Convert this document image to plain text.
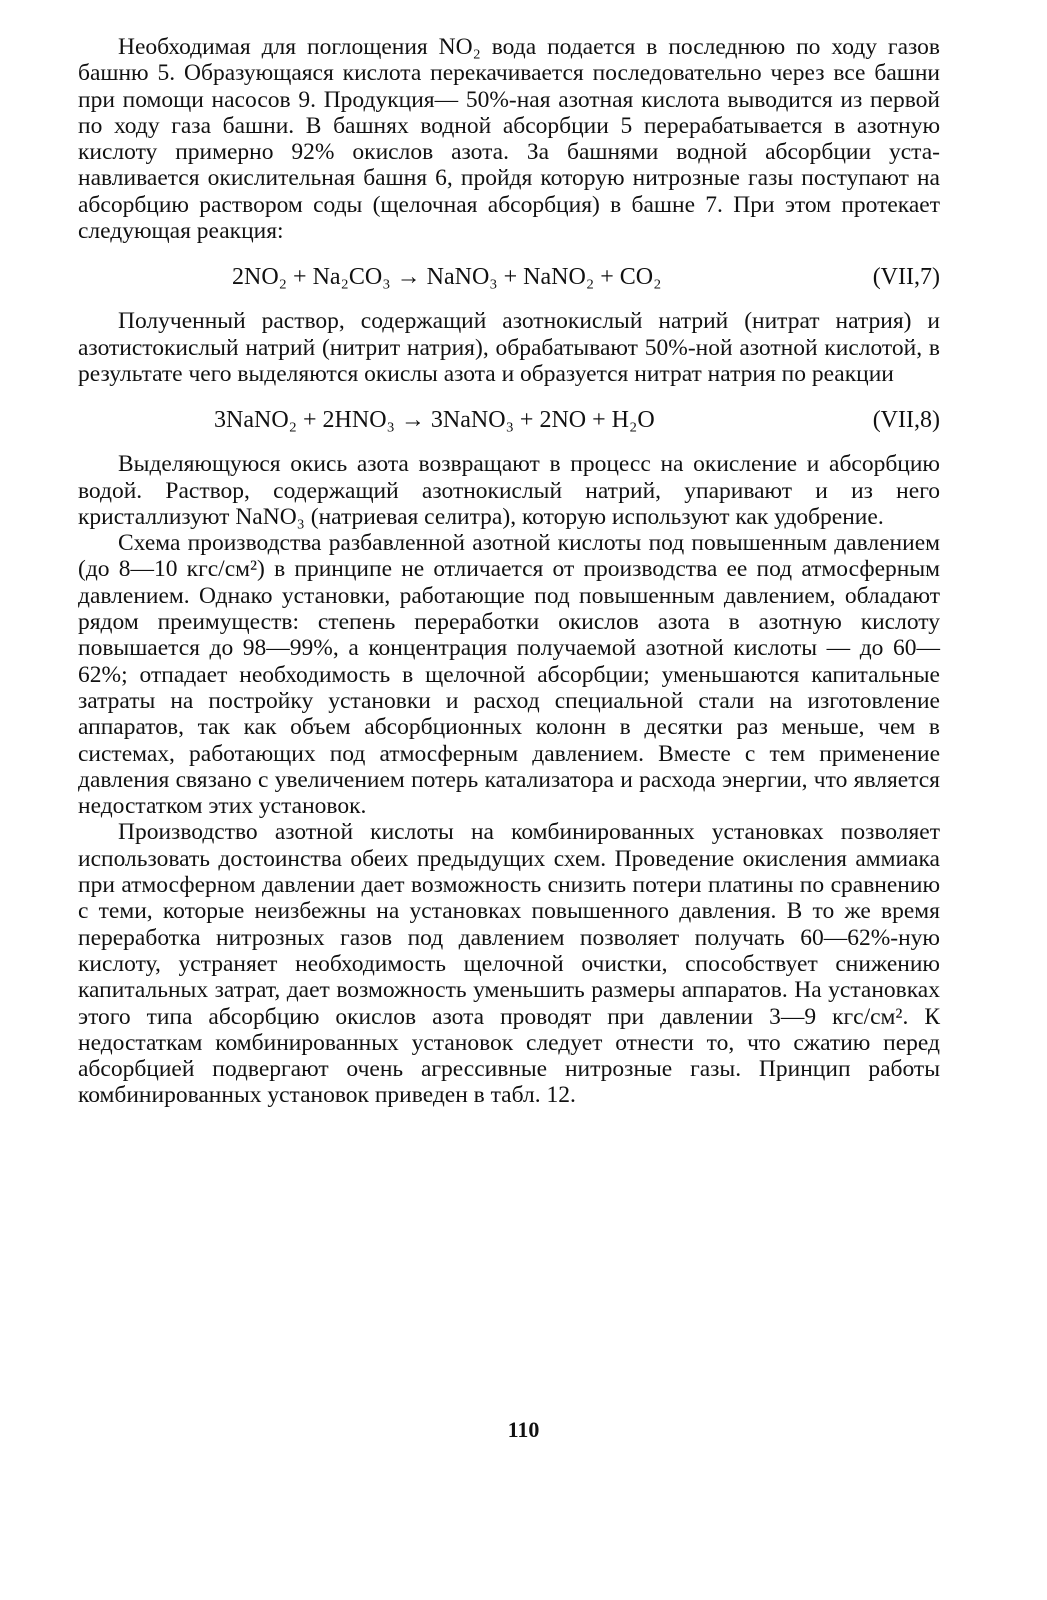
Необходимая для поглощения NO₂ вода подается в последнюю по ходу газов башню 5. Образующаяся кислота перекачивается последовательно через все башни при помощи насосов 9. Продукция— 50%-ная азотная кислота выводится из первой по ходу газа башни. В башнях водной абсорбции 5 перерабатывается в азотную кислоту примерно 92% окислов азота. За башнями водной абсорбции устанавливается окислительная башня 6, пройдя которую нитрозные газы поступают на абсорбцию раствором соды (щелочная абсорбция) в башне 7. При этом протекает следующая реакция:

2NO₂ + Na₂CO₃ → NaNO₃ + NaNO₂ + CO₂	(VII,7)

Полученный раствор, содержащий азотнокислый натрий (нитрат натрия) и азотистокислый натрий (нитрит натрия), обрабатывают 50%-ной азотной кислотой, в результате чего выделяются окислы азота и образуется нитрат натрия по реакции

3NaNO₂ + 2HNO₃ → 3NaNO₃ + 2NO + H₂O	(VII,8)

Выделяющуюся окись азота возвращают в процесс на окисление и абсорбцию водой. Раствор, содержащий азотнокислый натрий, упаривают и из него кристаллизуют NaNO₃ (натриевая селитра), которую используют как удобрение.

Схема производства разбавленной азотной кислоты под повышенным давлением (до 8—10 кгс/см²) в принципе не отличается от производства ее под атмосферным давлением. Однако установки, работающие под повышенным давлением, обладают рядом преимуществ: степень переработки окислов азота в азотную кислоту повышается до 98—99%, а концентрация получаемой азотной кислоты — до 60—62%; отпадает необходимость в щелочной абсорбции; уменьшаются капитальные затраты на постройку установки и расход специальной стали на изготовление аппаратов, так как объем абсорбционных колонн в десятки раз меньше, чем в системах, работающих под атмосферным давлением. Вместе с тем применение давления связано с увеличением потерь катализатора и расхода энергии, что является недостатком этих установок.

Производство азотной кислоты на комбинированных установках позволяет использовать достоинства обеих предыдущих схем. Проведение окисления аммиака при атмосферном давлении дает возможность снизить потери платины по сравнению с теми, которые неизбежны на установках повышенного давления. В то же время переработка нитрозных газов под давлением позволяет получать 60—62%-ную кислоту, устраняет необходимость щелочной очистки, способствует снижению капитальных затрат, дает возможность уменьшить размеры аппаратов. На установках этого типа абсорбцию окислов азота проводят при давлении 3—9 кгс/см². К недостаткам комбинированных установок следует отнести то, что сжатию перед абсорбцией подвергают очень агрессивные нитрозные газы. Принцип работы комбинированных установок приведен в табл. 12.

110
